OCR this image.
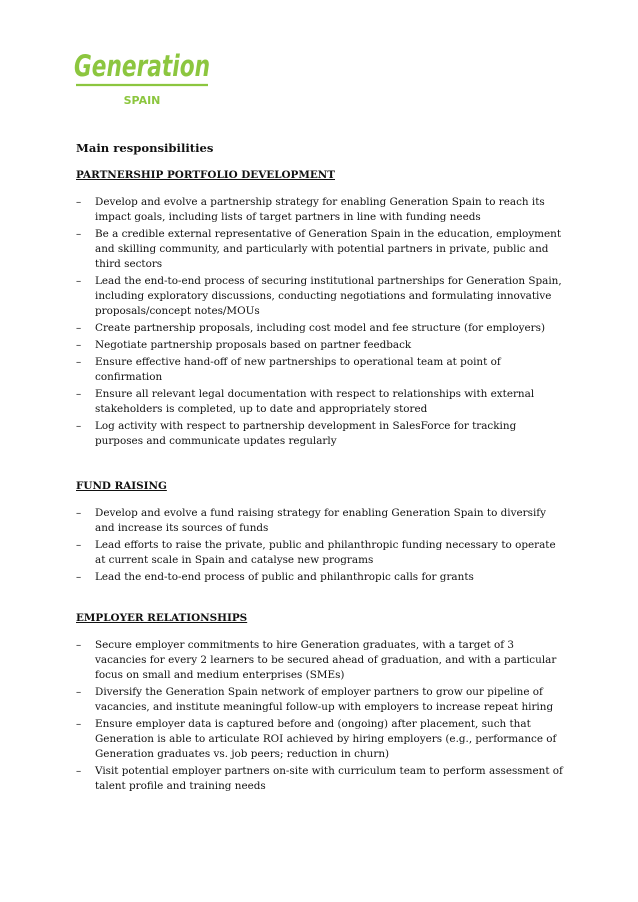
Generation
SPAIN
Main responsibilities
PARTNERSHIP PORTFOLIO DEVELOPMENT
– Develop and evolve a partnership strategy for enabling Generation Spain to reach its impact goals, including lists of target partners in line with funding needs
– Be a credible external representative of Generation Spain in the education, employment and skilling community, and particularly with potential partners in private, public and third sectors
– Lead the end-to-end process of securing institutional partnerships for Generation Spain, including exploratory discussions, conducting negotiations and formulating innovative proposals/concept notes/MOUs
– Create partnership proposals, including cost model and fee structure (for employers)
– Negotiate partnership proposals based on partner feedback
– Ensure effective hand-off of new partnerships to operational team at point of confirmation
– Ensure all relevant legal documentation with respect to relationships with external stakeholders is completed, up to date and appropriately stored
– Log activity with respect to partnership development in SalesForce for tracking purposes and communicate updates regularly
FUND RAISING
– Develop and evolve a fund raising strategy for enabling Generation Spain to diversify and increase its sources of funds
– Lead efforts to raise the private, public and philanthropic funding necessary to operate at current scale in Spain and catalyse new programs
– Lead the end-to-end process of public and philanthropic calls for grants
EMPLOYER RELATIONSHIPS
– Secure employer commitments to hire Generation graduates, with a target of 3 vacancies for every 2 learners to be secured ahead of graduation, and with a particular focus on small and medium enterprises (SMEs)
– Diversify the Generation Spain network of employer partners to grow our pipeline of vacancies, and institute meaningful follow-up with employers to increase repeat hiring
– Ensure employer data is captured before and (ongoing) after placement, such that Generation is able to articulate ROI achieved by hiring employers (e.g., performance of Generation graduates vs. job peers; reduction in churn)
– Visit potential employer partners on-site with curriculum team to perform assessment of talent profile and training needs
